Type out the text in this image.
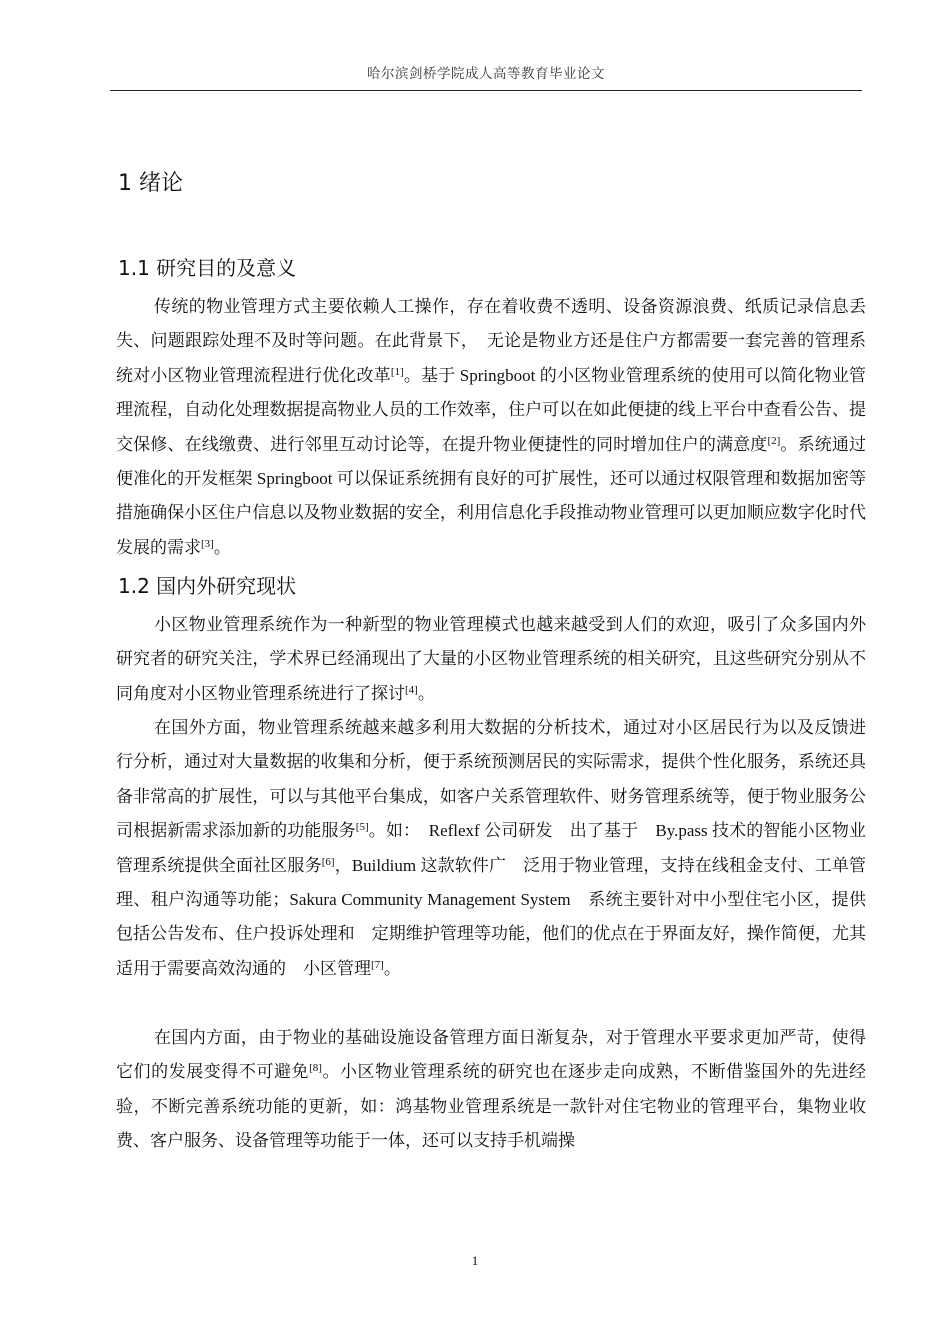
哈尔滨剑桥学院成人高等教育毕业论文
1 绪论
1.1 研究目的及意义

传统的物业管理方式主要依赖人工操作，存在着收费不透明、设备资源浪费、纸质记录信息丢失、问题跟踪处理不及时等问题。在此背景下，　无论是物业方还是住户方都需要一套完善的管理系统对小区物业管理流程进行优化改革[1]。基于 Springboot 的小区物业管理系统的使用可以简化物业管理流程，自动化处理数据提高物业人员的工作效率，住户可以在如此便捷的线上平台中查看公告、提交保修、在线缴费、进行邻里互动讨论等，在提升物业便捷性的同时增加住户的满意度[2]。系统通过便准化的开发框架 Springboot 可以保证系统拥有良好的可扩展性，还可以通过权限管理和数据加密等措施确保小区住户信息以及物业数据的安全，利用信息化手段推动物业管理可以更加顺应数字化时代发展的需求[3]。

1.2 国内外研究现状

小区物业管理系统作为一种新型的物业管理模式也越来越受到人们的欢迎，吸引了众多国内外研究者的研究关注，学术界已经涌现出了大量的小区物业管理系统的相关研究，且这些研究分别从不同角度对小区物业管理系统进行了探讨[4]。

在国外方面，物业管理系统越来越多利用大数据的分析技术，通过对小区居民行为以及反馈进行分析，通过对大量数据的收集和分析，便于系统预测居民的实际需求，提供个性化服务，系统还具备非常高的扩展性，可以与其他平台集成，如客户关系管理软件、财务管理系统等，便于物业服务公司根据新需求添加新的功能服务[5]。如：　Reflexf 公司研发　出了基于　By.pass 技术的智能小区物业管理系统提供全面社区服务[6]，Buildium 这款软件广　泛用于物业管理，支持在线租金支付、工单管理、租户沟通等功能；Sakura Community Management System　系统主要针对中小型住宅小区，提供包括公告发布、住户投诉处理和　定期维护管理等功能，他们的优点在于界面友好，操作简便，尤其适用于需要高效沟通的　小区管理[7]。

在国内方面，由于物业的基础设施设备管理方面日渐复杂，对于管理水平要求更加严苛，使得它们的发展变得不可避免[8]。小区物业管理系统的研究也在逐步走向成熟，不断借鉴国外的先进经验，不断完善系统功能的更新，如：鸿基物业管理系统是一款针对住宅物业的管理平台，集物业收费、客户服务、设备管理等功能于一体，还可以支持手机端操

1
